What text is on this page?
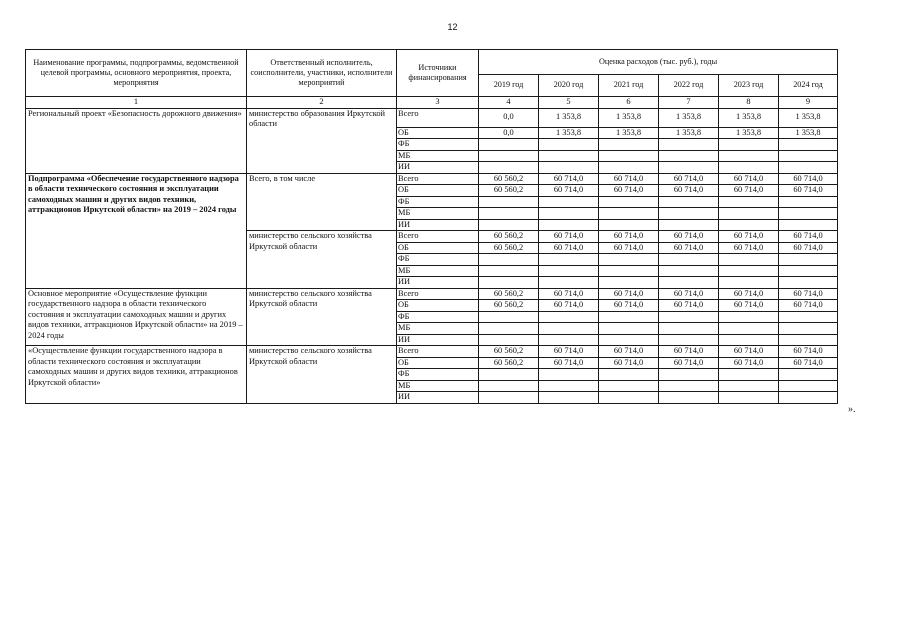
12
Наименование программы, подпрограммы, ведомственной целевой программы, основного мероприятия, проекта, мероприятия	Ответственный исполнитель, соисполнители, участники, исполнители мероприятий	Источники финансирования	Оценка расходов (тыс. руб.), годы					
			2019 год	2020 год	2021 год	2022 год	2023 год	2024 год
1	2	3	4	5	6	7	8	9
Региональный проект «Безопасность дорожного движения»	министерство образования Иркутской области	Всего	0,0	1 353,8	1 353,8	1 353,8	1 353,8	1 353,8
		ОБ	0,0	1 353,8	1 353,8	1 353,8	1 353,8	1 353,8
		ФБ						
		МБ						
		ИИ						
Подпрограмма «Обеспечение государственного надзора в области технического состояния и эксплуатации самоходных машин и других видов техники, аттракционов Иркутской области» на 2019 – 2024 годы	Всего, в том числе	Всего	60 560,2	60 714,0	60 714,0	60 714,0	60 714,0	60 714,0
		ОБ	60 560,2	60 714,0	60 714,0	60 714,0	60 714,0	60 714,0
		ФБ						
		МБ						
		ИИ						
	министерство сельского хозяйства Иркутской области	Всего	60 560,2	60 714,0	60 714,0	60 714,0	60 714,0	60 714,0
		ОБ	60 560,2	60 714,0	60 714,0	60 714,0	60 714,0	60 714,0
		ФБ						
		МБ						
		ИИ						
Основное мероприятие «Осуществление функции государственного надзора в области технического состояния и эксплуатации самоходных машин и других видов техники, аттракционов Иркутской области» на 2019 – 2024 годы	министерство сельского хозяйства Иркутской области	Всего	60 560,2	60 714,0	60 714,0	60 714,0	60 714,0	60 714,0
		ОБ	60 560,2	60 714,0	60 714,0	60 714,0	60 714,0	60 714,0
		ФБ						
		МБ						
		ИИ						
«Осуществление функции государственного надзора в области технического состояния и эксплуатации самоходных машин и других видов техники, аттракционов Иркутской области»	министерство сельского хозяйства Иркутской области	Всего	60 560,2	60 714,0	60 714,0	60 714,0	60 714,0	60 714,0
		ОБ	60 560,2	60 714,0	60 714,0	60 714,0	60 714,0	60 714,0
		ФБ						
		МБ						
		ИИ						
».
